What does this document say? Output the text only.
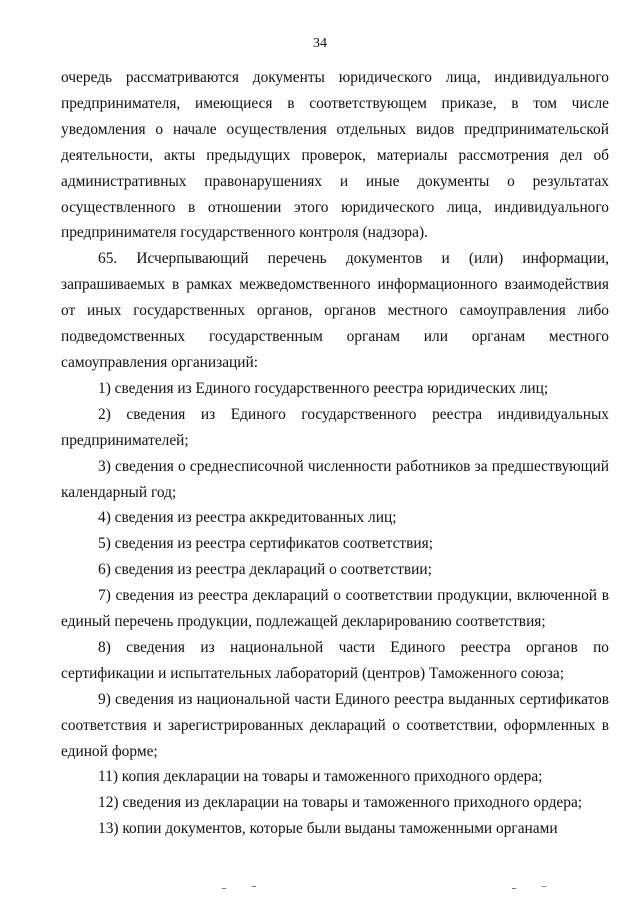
34

очередь рассматриваются документы юридического лица, индивидуального предпринимателя, имеющиеся в соответствующем приказе, в том числе уведомления о начале осуществления отдельных видов предпринимательской деятельности, акты предыдущих проверок, материалы рассмотрения дел об административных правонарушениях и иные документы о результатах осуществленного в отношении этого юридического лица, индивидуального предпринимателя государственного контроля (надзора).

65. Исчерпывающий перечень документов и (или) информации, запрашиваемых в рамках межведомственного информационного взаимодействия от иных государственных органов, органов местного самоуправления либо подведомственных государственным органам или органам местного самоуправления организаций:

1) сведения из Единого государственного реестра юридических лиц;

2) сведения из Единого государственного реестра индивидуальных предпринимателей;

3) сведения о среднесписочной численности работников за предшествующий календарный год;

4) сведения из реестра аккредитованных лиц;

5) сведения из реестра сертификатов соответствия;

6) сведения из реестра деклараций о соответствии;

7) сведения из реестра деклараций о соответствии продукции, включенной в единый перечень продукции, подлежащей декларированию соответствия;

8) сведения из национальной части Единого реестра органов по сертификации и испытательных лабораторий (центров) Таможенного союза;

9) сведения из национальной части Единого реестра выданных сертификатов соответствия и зарегистрированных деклараций о соответствии, оформленных в единой форме;

11) копия декларации на товары и таможенного приходного ордера;

12) сведения из декларации на товары и таможенного приходного ордера;

13) копии документов, которые были выданы таможенными органами
